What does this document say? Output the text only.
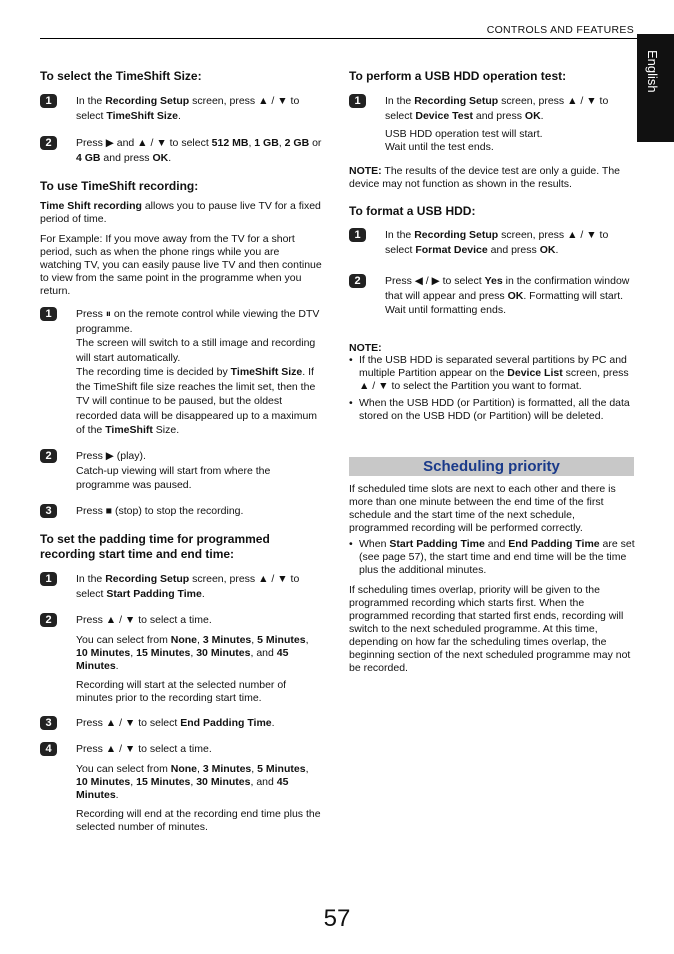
CONTROLS AND FEATURES
English
To select the TimeShift Size:
1	In the Recording Setup screen, press ▲ / ▼ to select TimeShift Size.

2	Press ▶ and ▲ / ▼ to select 512 MB, 1 GB, 2 GB or 4 GB and press OK.

To use TimeShift recording:

Time Shift recording allows you to pause live TV for a fixed period of time.

For Example: If you move away from the TV for a short period, such as when the phone rings while you are watching TV, you can easily pause live TV and then continue to view from the same point in the programme when you return.

1	Press ⏸ on the remote control while viewing the DTV programme.

The screen will switch to a still image and recording will start automatically.

The recording time is decided by TimeShift Size. If the TimeShift file size reaches the limit set, then the TV will continue to be paused, but the oldest recorded data will be disappeared up to a maximum of the TimeShift Size.

2	Press ▶ (play).

Catch-up viewing will start from where the programme was paused.

3	Press ■ (stop) to stop the recording.

To set the padding time for programmed recording start time and end time:
1	In the Recording Setup screen, press ▲ / ▼ to select Start Padding Time.

2	Press ▲ / ▼ to select a time.

You can select from None, 3 Minutes, 5 Minutes, 10 Minutes, 15 Minutes, 30 Minutes, and 45 Minutes.

Recording will start at the selected number of minutes prior to the recording start time.

3	Press ▲ / ▼ to select End Padding Time.

4	Press ▲ / ▼ to select a time.

You can select from None, 3 Minutes, 5 Minutes, 10 Minutes, 15 Minutes, 30 Minutes, and 45 Minutes.

Recording will end at the recording end time plus the selected number of minutes.

To perform a USB HDD operation test:
1	In the Recording Setup screen, press ▲ / ▼ to select Device Test and press OK.

USB HDD operation test will start.

Wait until the test ends.

NOTE: The results of the device test are only a guide. The device may not function as shown in the results.

To format a USB HDD:
1	In the Recording Setup screen, press ▲ / ▼ to select Format Device and press OK.

2	Press ◀ / ▶ to select Yes in the confirmation window that will appear and press OK. Formatting will start.

Wait until formatting ends.

NOTE:

• If the USB HDD is separated several partitions by PC and multiple Partition appear on the Device List screen, press ▲ / ▼ to select the Partition you want to format.
• When the USB HDD (or Partition) is formatted, all the data stored on the USB HDD (or Partition) will be deleted.
Scheduling priority

If scheduled time slots are next to each other and there is more than one minute between the end time of the first schedule and the start time of the next schedule, programmed recording will be performed correctly.

• When Start Padding Time and End Padding Time are set (see page 57), the start time and end time will be the time plus the additional minutes.

If scheduling times overlap, priority will be given to the programmed recording which starts first. When the programmed recording that started first ends, recording will switch to the next scheduled programme. At this time, depending on how far the scheduling times overlap, the beginning section of the next scheduled programme may not be recorded.

57
